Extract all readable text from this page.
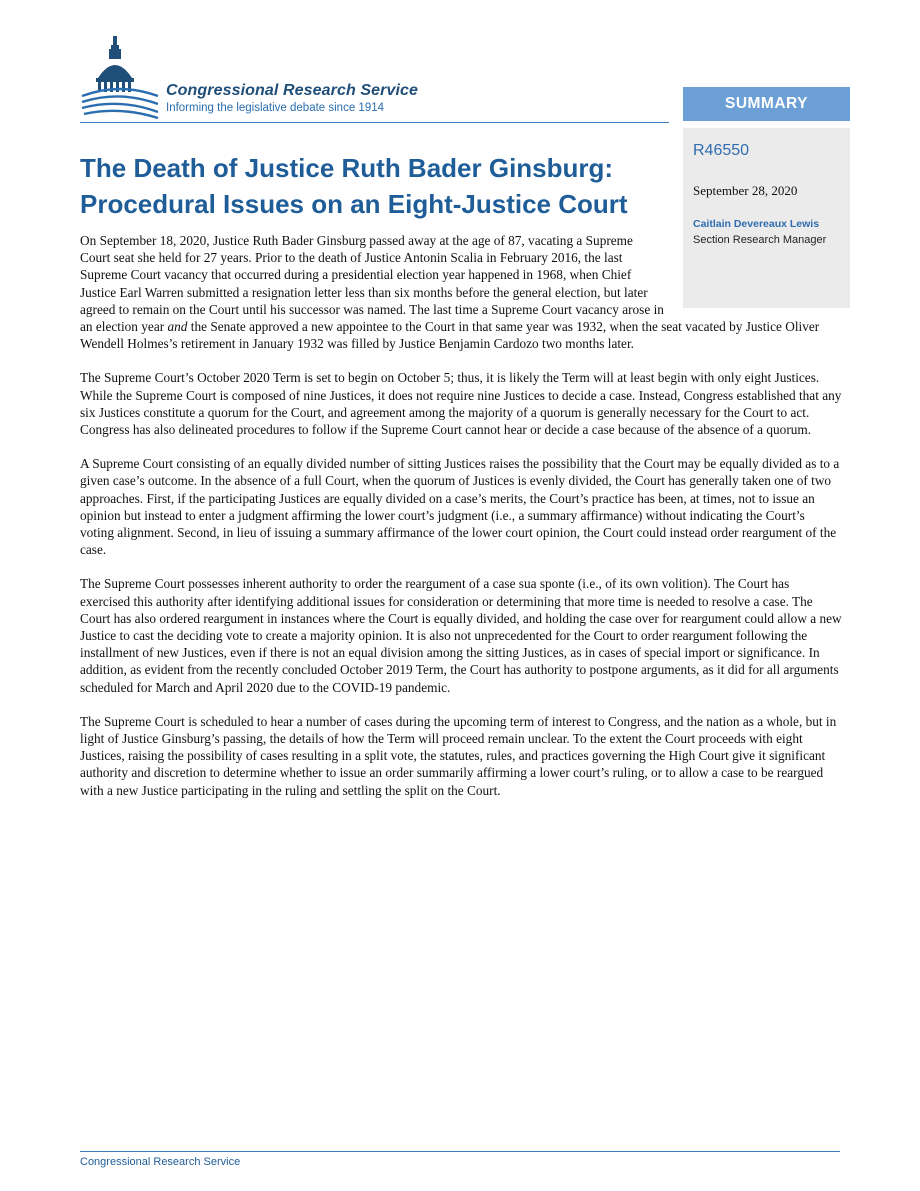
Congressional Research Service
Informing the legislative debate since 1914	SUMMARY
R46550
September 28, 2020
Caitlain Devereaux Lewis
Section Research Manager
The Death of Justice Ruth Bader Ginsburg: Procedural Issues on an Eight-Justice Court

On September 18, 2020, Justice Ruth Bader Ginsburg passed away at the age of 87, vacating a Supreme Court seat she held for 27 years. Prior to the death of Justice Antonin Scalia in February 2016, the last Supreme Court vacancy that occurred during a presidential election year happened in 1968, when Chief Justice Earl Warren submitted a resignation letter less than six months before the general election, but later agreed to remain on the Court until his successor was named. The last time a Supreme Court vacancy arose in an election year and the Senate approved a new appointee to the Court in that same year was 1932, when the seat vacated by Justice Oliver Wendell Holmes’s retirement in January 1932 was filled by Justice Benjamin Cardozo two months later.

The Supreme Court’s October 2020 Term is set to begin on October 5; thus, it is likely the Term will at least begin with only eight Justices. While the Supreme Court is composed of nine Justices, it does not require nine Justices to decide a case. Instead, Congress established that any six Justices constitute a quorum for the Court, and agreement among the majority of a quorum is generally necessary for the Court to act. Congress has also delineated procedures to follow if the Supreme Court cannot hear or decide a case because of the absence of a quorum.

A Supreme Court consisting of an equally divided number of sitting Justices raises the possibility that the Court may be equally divided as to a given case’s outcome. In the absence of a full Court, when the quorum of Justices is evenly divided, the Court has generally taken one of two approaches. First, if the participating Justices are equally divided on a case’s merits, the Court’s practice has been, at times, not to issue an opinion but instead to enter a judgment affirming the lower court’s judgment (i.e., a summary affirmance) without indicating the Court’s voting alignment. Second, in lieu of issuing a summary affirmance of the lower court opinion, the Court could instead order reargument of the case.

The Supreme Court possesses inherent authority to order the reargument of a case sua sponte (i.e., of its own volition). The Court has exercised this authority after identifying additional issues for consideration or determining that more time is needed to resolve a case. The Court has also ordered reargument in instances where the Court is equally divided, and holding the case over for reargument could allow a new Justice to cast the deciding vote to create a majority opinion. It is also not unprecedented for the Court to order reargument following the installment of new Justices, even if there is not an equal division among the sitting Justices, as in cases of special import or significance. In addition, as evident from the recently concluded October 2019 Term, the Court has authority to postpone arguments, as it did for all arguments scheduled for March and April 2020 due to the COVID-19 pandemic.

The Supreme Court is scheduled to hear a number of cases during the upcoming term of interest to Congress, and the nation as a whole, but in light of Justice Ginsburg’s passing, the details of how the Term will proceed remain unclear. To the extent the Court proceeds with eight Justices, raising the possibility of cases resulting in a split vote, the statutes, rules, and practices governing the High Court give it significant authority and discretion to determine whether to issue an order summarily affirming a lower court’s ruling, or to allow a case to be reargued with a new Justice participating in the ruling and settling the split on the Court.

Congressional Research Service
